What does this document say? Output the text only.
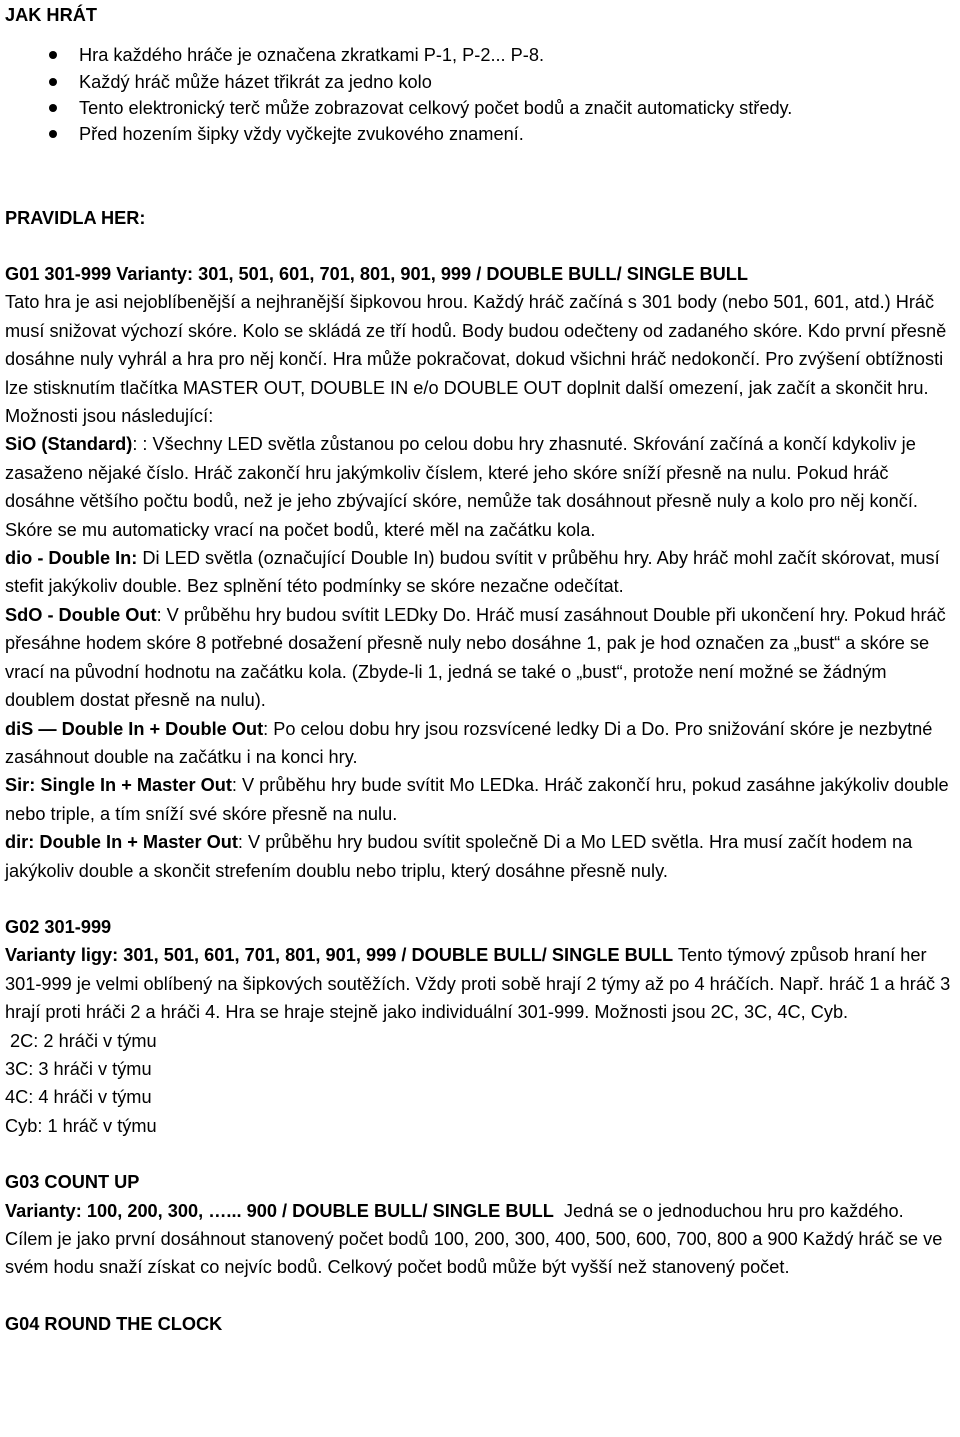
JAK HRÁT

Hra každého hráče je označena zkratkami P-1, P-2... P-8.
Každý hráč může házet třikrát za jedno kolo
Tento elektronický terč může zobrazovat celkový počet bodů a značit automaticky středy.
Před hozením šipky vždy vyčkejte zvukového znamení.

PRAVIDLA HER:

G01 301-999 Varianty: 301, 501, 601, 701, 801, 901, 999 / DOUBLE BULL/ SINGLE BULL

Tato hra je asi nejoblíbenější a nejhranější šipkovou hrou. Každý hráč začíná s 301 body (nebo 501, 601, atd.) Hráč musí snižovat výchozí skóre. Kolo se skládá ze tří hodů. Body budou odečteny od zadaného skóre. Kdo první přesně dosáhne nuly vyhrál a hra pro něj končí. Hra může pokračovat, dokud všichni hráč nedokončí. Pro zvýšení obtížnosti lze stisknutím tlačítka MASTER OUT, DOUBLE IN e/o DOUBLE OUT doplnit další omezení, jak začít a skončit hru. Možnosti jsou následující:
SiO (Standard): : Všechny LED světla zůstanou po celou dobu hry zhasnuté. Skŕování začíná a končí kdykoliv je zasaženo nějaké číslo. Hráč zakončí hru jakýmkoliv číslem, které jeho skóre sníží přesně na nulu. Pokud hráč dosáhne většího počtu bodů, než je jeho zbývající skóre, nemůže tak dosáhnout přesně nuly a kolo pro něj končí. Skóre se mu automaticky vrací na počet bodů, které měl na začátku kola.

dio - Double In: Di LED světla (označující Double In) budou svítit v průběhu hry. Aby hráč mohl začít skórovat, musí stefit jakýkoliv double. Bez splnění této podmínky se skóre nezačne odečítat.

SdO - Double Out: V průběhu hry budou svítit LEDky Do. Hráč musí zasáhnout Double při ukončení hry. Pokud hráč přesáhne hodem skóre 8 potřebné dosažení přesně nuly nebo dosáhne 1, pak je hod označen za „bust“ a skóre se vrací na původní hodnotu na začátku kola. (Zbyde-li 1, jedná se také o „bust“, protože není možné se žádným doublem dostat přesně na nulu).

diS — Double In + Double Out: Po celou dobu hry jsou rozsvícené ledky Di a Do. Pro snižování skóre je nezbytné zasáhnout double na začátku i na konci hry.

Sir: Single In + Master Out: V průběhu hry bude svítit Mo LEDka. Hráč zakončí hru, pokud zasáhne jakýkoliv double nebo triple, a tím sníží své skóre přesně na nulu.

dir: Double In + Master Out: V průběhu hry budou svítit společně Di a Mo LED světla. Hra musí začít hodem na jakýkoliv double a skončit strefením doublu nebo triplu, který dosáhne přesně nuly.

G02 301-999

Varianty ligy: 301, 501, 601, 701, 801, 901, 999 / DOUBLE BULL/ SINGLE BULL Tento týmový způsob hraní her 301-999 je velmi oblíbený na šipkových soutěžích. Vždy proti sobě hrají 2 týmy až po 4 hráčích. Např. hráč 1 a hráč 3 hrají proti hráči 2 a hráči 4. Hra se hraje stejně jako individuální 301-999. Možnosti jsou 2C, 3C, 4C, Cyb.

2C: 2 hráči v týmu

3C: 3 hráči v týmu

4C: 4 hráči v týmu

Cyb: 1 hráč v týmu

G03 COUNT UP

Varianty: 100, 200, 300, …... 900 / DOUBLE BULL/ SINGLE BULL  Jedná se o jednoduchou hru pro každého. Cílem je jako první dosáhnout stanovený počet bodů 100, 200, 300, 400, 500, 600, 700, 800 a 900 Každý hráč se ve svém hodu snaží získat co nejvíc bodů. Celkový počet bodů může být vyšší než stanovený počet.

G04 ROUND THE CLOCK
